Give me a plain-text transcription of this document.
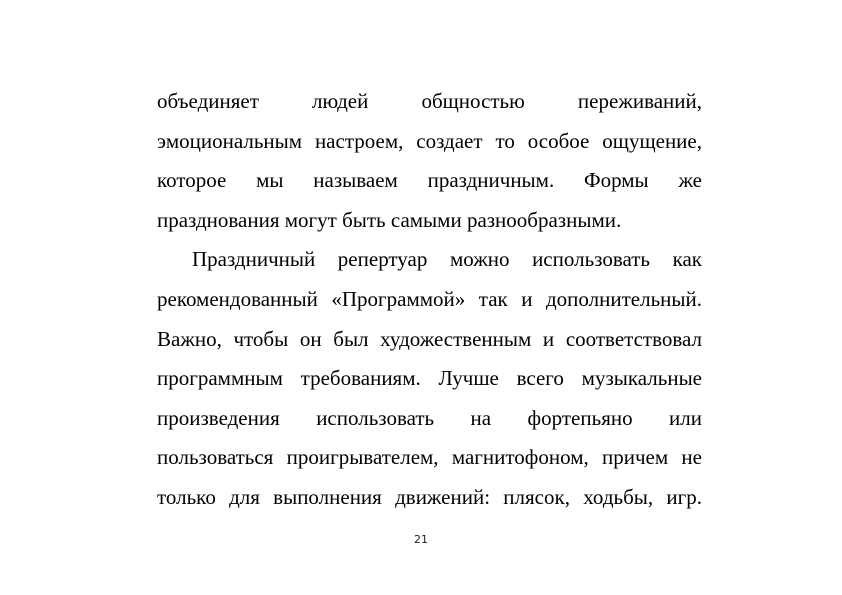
объединяет людей общностью переживаний,
эмоциональным настроем, создает то особое ощущение,
которое мы называем праздничным. Формы же
празднования могут быть самыми разнообразными.
Праздничный репертуар можно использовать как
рекомендованный «Программой» так и дополнительный.
Важно, чтобы он был художественным и соответствовал
программным требованиям. Лучше всего музыкальные
произведения использовать на фортепьяно или
пользоваться проигрывателем, магнитофоном, причем не
только для выполнения движений: плясок, ходьбы, игр.
21
